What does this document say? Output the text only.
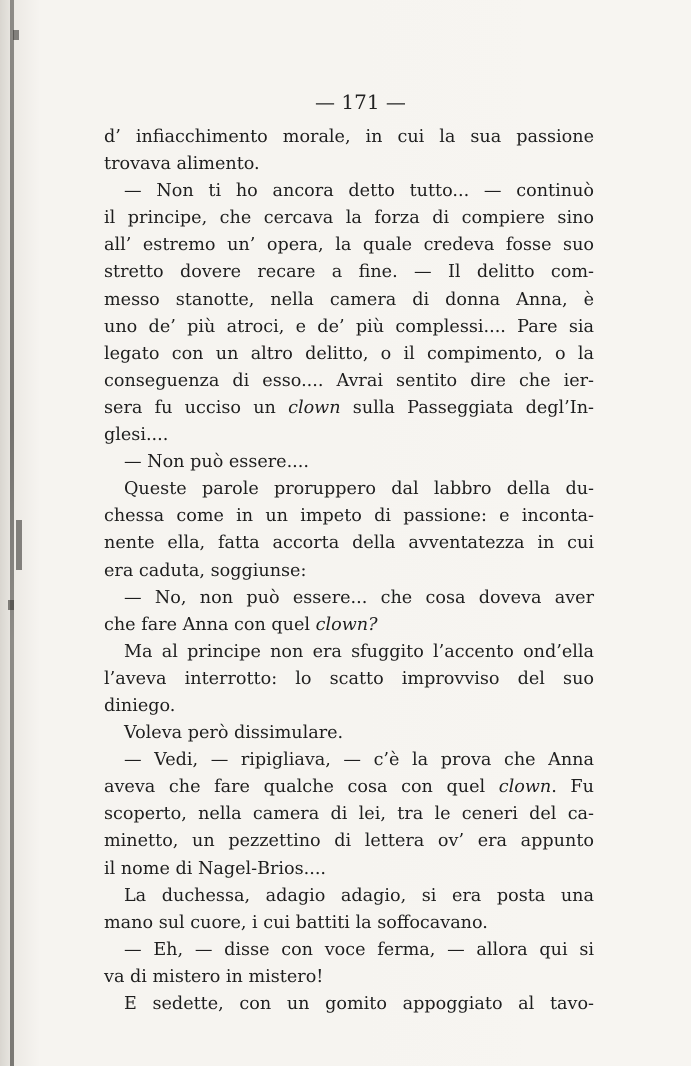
— 171 —
d’ infiacchimento morale, in cui la sua passione
trovava alimento.
— Non ti ho ancora detto tutto... — continuò
il principe, che cercava la forza di compiere sino
all’ estremo un’ opera, la quale credeva fosse suo
stretto dovere recare a fine. — Il delitto com-
messo stanotte, nella camera di donna Anna, è
uno de’ più atroci, e de’ più complessi.... Pare sia
legato con un altro delitto, o il compimento, o la
conseguenza di esso.... Avrai sentito dire che ier-
sera fu ucciso un clown sulla Passeggiata degl’In-
glesi....
— Non può essere....
Queste parole proruppero dal labbro della du-
chessa come in un impeto di passione: e inconta-
nente ella, fatta accorta della avventatezza in cui
era caduta, soggiunse:
— No, non può essere... che cosa doveva aver
che fare Anna con quel clown?
Ma al principe non era sfuggito l’accento ond’ella
l’aveva interrotto: lo scatto improvviso del suo
diniego.
Voleva però dissimulare.
— Vedi, — ripigliava, — c’è la prova che Anna
aveva che fare qualche cosa con quel clown. Fu
scoperto, nella camera di lei, tra le ceneri del ca-
minetto, un pezzettino di lettera ov’ era appunto
il nome di Nagel-Brios....
La duchessa, adagio adagio, si era posta una
mano sul cuore, i cui battiti la soffocavano.
— Eh, — disse con voce ferma, — allora qui si
va di mistero in mistero!
E sedette, con un gomito appoggiato al tavo-
